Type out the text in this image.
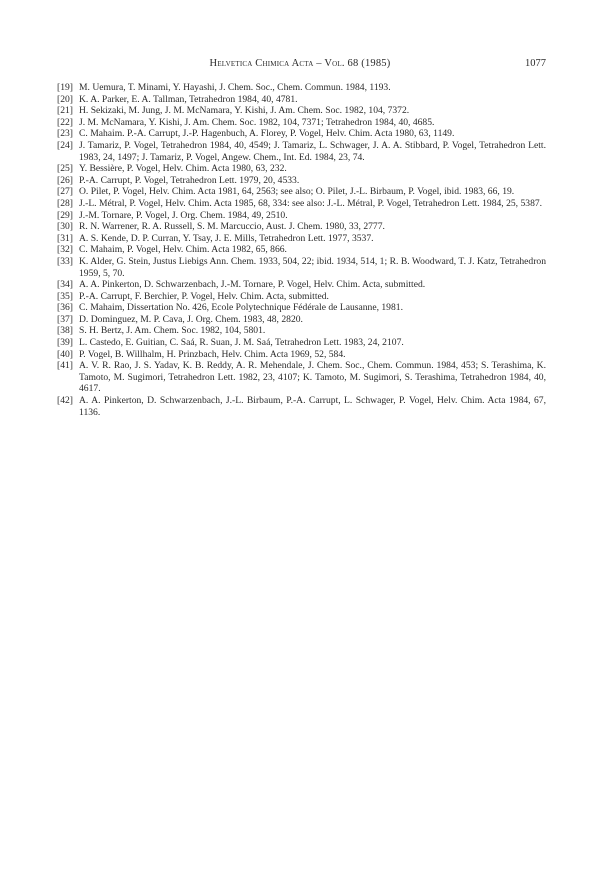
Helvetica Chimica Acta – Vol. 68 (1985)	1077
[19] M. Uemura, T. Minami, Y. Hayashi, J. Chem. Soc., Chem. Commun. 1984, 1193.
[20] K. A. Parker, E. A. Tallman, Tetrahedron 1984, 40, 4781.
[21] H. Sekizaki, M. Jung, J. M. McNamara, Y. Kishi, J. Am. Chem. Soc. 1982, 104, 7372.
[22] J. M. McNamara, Y. Kishi, J. Am. Chem. Soc. 1982, 104, 7371; Tetrahedron 1984, 40, 4685.
[23] C. Mahaim. P.-A. Carrupt, J.-P. Hagenbuch, A. Florey, P. Vogel, Helv. Chim. Acta 1980, 63, 1149.
[24] J. Tamariz, P. Vogel, Tetrahedron 1984, 40, 4549; J. Tamariz, L. Schwager, J. A. A. Stibbard, P. Vogel, Tetrahedron Lett. 1983, 24, 1497; J. Tamariz, P. Vogel, Angew. Chem., Int. Ed. 1984, 23, 74.
[25] Y. Bessière, P. Vogel, Helv. Chim. Acta 1980, 63, 232.
[26] P.-A. Carrupt, P. Vogel, Tetrahedron Lett. 1979, 20, 4533.
[27] O. Pilet, P. Vogel, Helv. Chim. Acta 1981, 64, 2563; see also; O. Pilet, J.-L. Birbaum, P. Vogel, ibid. 1983, 66, 19.
[28] J.-L. Métral, P. Vogel, Helv. Chim. Acta 1985, 68, 334: see also: J.-L. Métral, P. Vogel, Tetrahedron Lett. 1984, 25, 5387.
[29] J.-M. Tornare, P. Vogel, J. Org. Chem. 1984, 49, 2510.
[30] R. N. Warrener, R. A. Russell, S. M. Marcuccio, Aust. J. Chem. 1980, 33, 2777.
[31] A. S. Kende, D. P. Curran, Y. Tsay, J. E. Mills, Tetrahedron Lett. 1977, 3537.
[32] C. Mahaim, P. Vogel, Helv. Chim. Acta 1982, 65, 866.
[33] K. Alder, G. Stein, Justus Liebigs Ann. Chem. 1933, 504, 22; ibid. 1934, 514, 1; R. B. Woodward, T. J. Katz, Tetrahedron 1959, 5, 70.
[34] A. A. Pinkerton, D. Schwarzenbach, J.-M. Tornare, P. Vogel, Helv. Chim. Acta, submitted.
[35] P.-A. Carrupt, F. Berchier, P. Vogel, Helv. Chim. Acta, submitted.
[36] C. Mahaim, Dissertation No. 426, Ecole Polytechnique Fédérale de Lausanne, 1981.
[37] D. Dominguez, M. P. Cava, J. Org. Chem. 1983, 48, 2820.
[38] S. H. Bertz, J. Am. Chem. Soc. 1982, 104, 5801.
[39] L. Castedo, E. Guitian, C. Saá, R. Suan, J. M. Saá, Tetrahedron Lett. 1983, 24, 2107.
[40] P. Vogel, B. Willhalm, H. Prinzbach, Helv. Chim. Acta 1969, 52, 584.
[41] A. V. R. Rao, J. S. Yadav, K. B. Reddy, A. R. Mehendale, J. Chem. Soc., Chem. Commun. 1984, 453; S. Terashima, K. Tamoto, M. Sugimori, Tetrahedron Lett. 1982, 23, 4107; K. Tamoto, M. Sugimori, S. Terashima, Tetrahedron 1984, 40, 4617.
[42] A. A. Pinkerton, D. Schwarzenbach, J.-L. Birbaum, P.-A. Carrupt, L. Schwager, P. Vogel, Helv. Chim. Acta 1984, 67, 1136.
